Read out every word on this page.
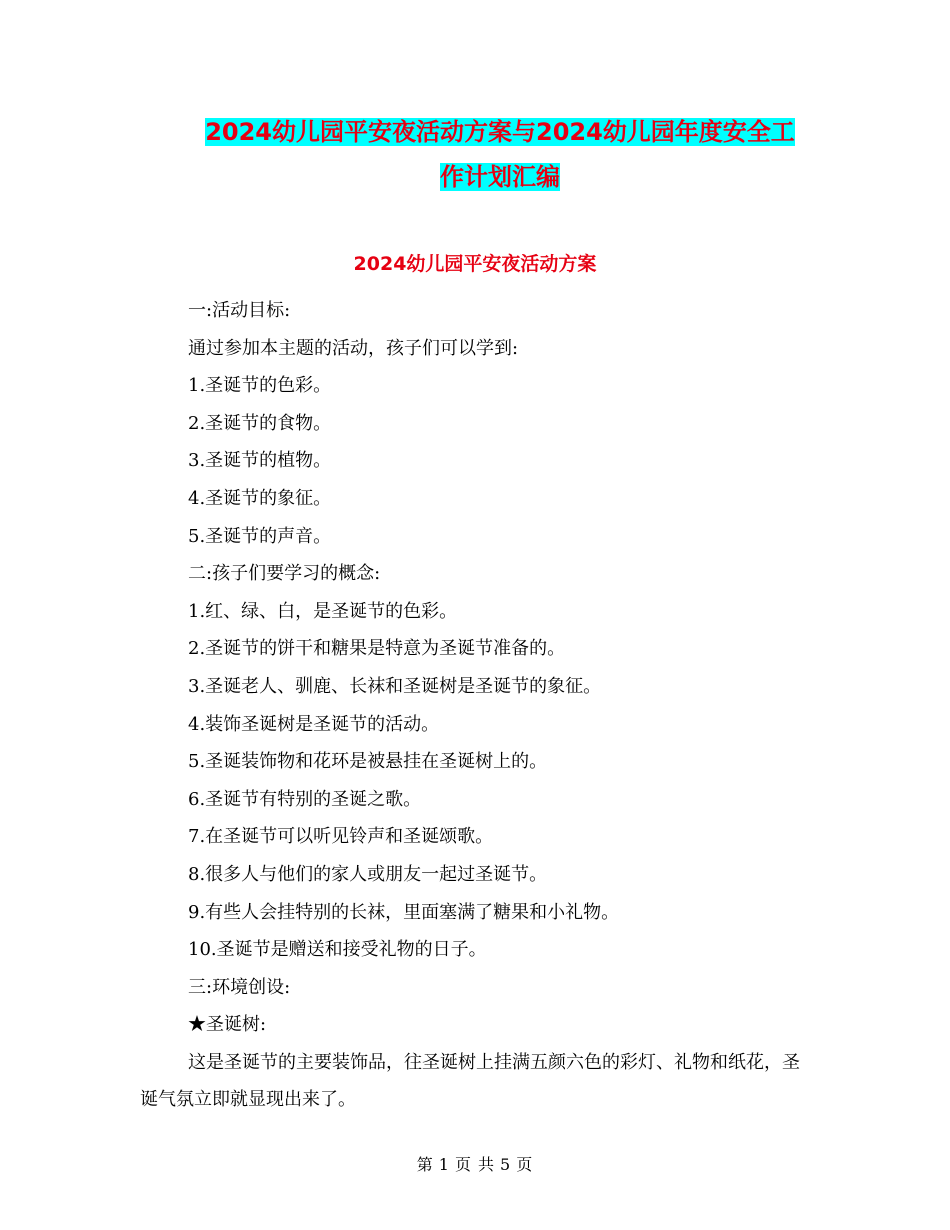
2024幼儿园平安夜活动方案与2024幼儿园年度安全工
作计划汇编
2024幼儿园平安夜活动方案

一:活动目标:

通过参加本主题的活动，孩子们可以学到:

1.圣诞节的色彩。

2.圣诞节的食物。

3.圣诞节的植物。

4.圣诞节的象征。

5.圣诞节的声音。

二:孩子们要学习的概念:

1.红、绿、白，是圣诞节的色彩。

2.圣诞节的饼干和糖果是特意为圣诞节准备的。

3.圣诞老人、驯鹿、长袜和圣诞树是圣诞节的象征。

4.装饰圣诞树是圣诞节的活动。

5.圣诞装饰物和花环是被悬挂在圣诞树上的。

6.圣诞节有特别的圣诞之歌。

7.在圣诞节可以听见铃声和圣诞颂歌。

8.很多人与他们的家人或朋友一起过圣诞节。

9.有些人会挂特别的长袜，里面塞满了糖果和小礼物。

10.圣诞节是赠送和接受礼物的日子。

三:环境创设:

★圣诞树:

这是圣诞节的主要装饰品，往圣诞树上挂满五颜六色的彩灯、礼物和纸花，圣诞气氛立即就显现出来了。

第 1 页 共 5 页
